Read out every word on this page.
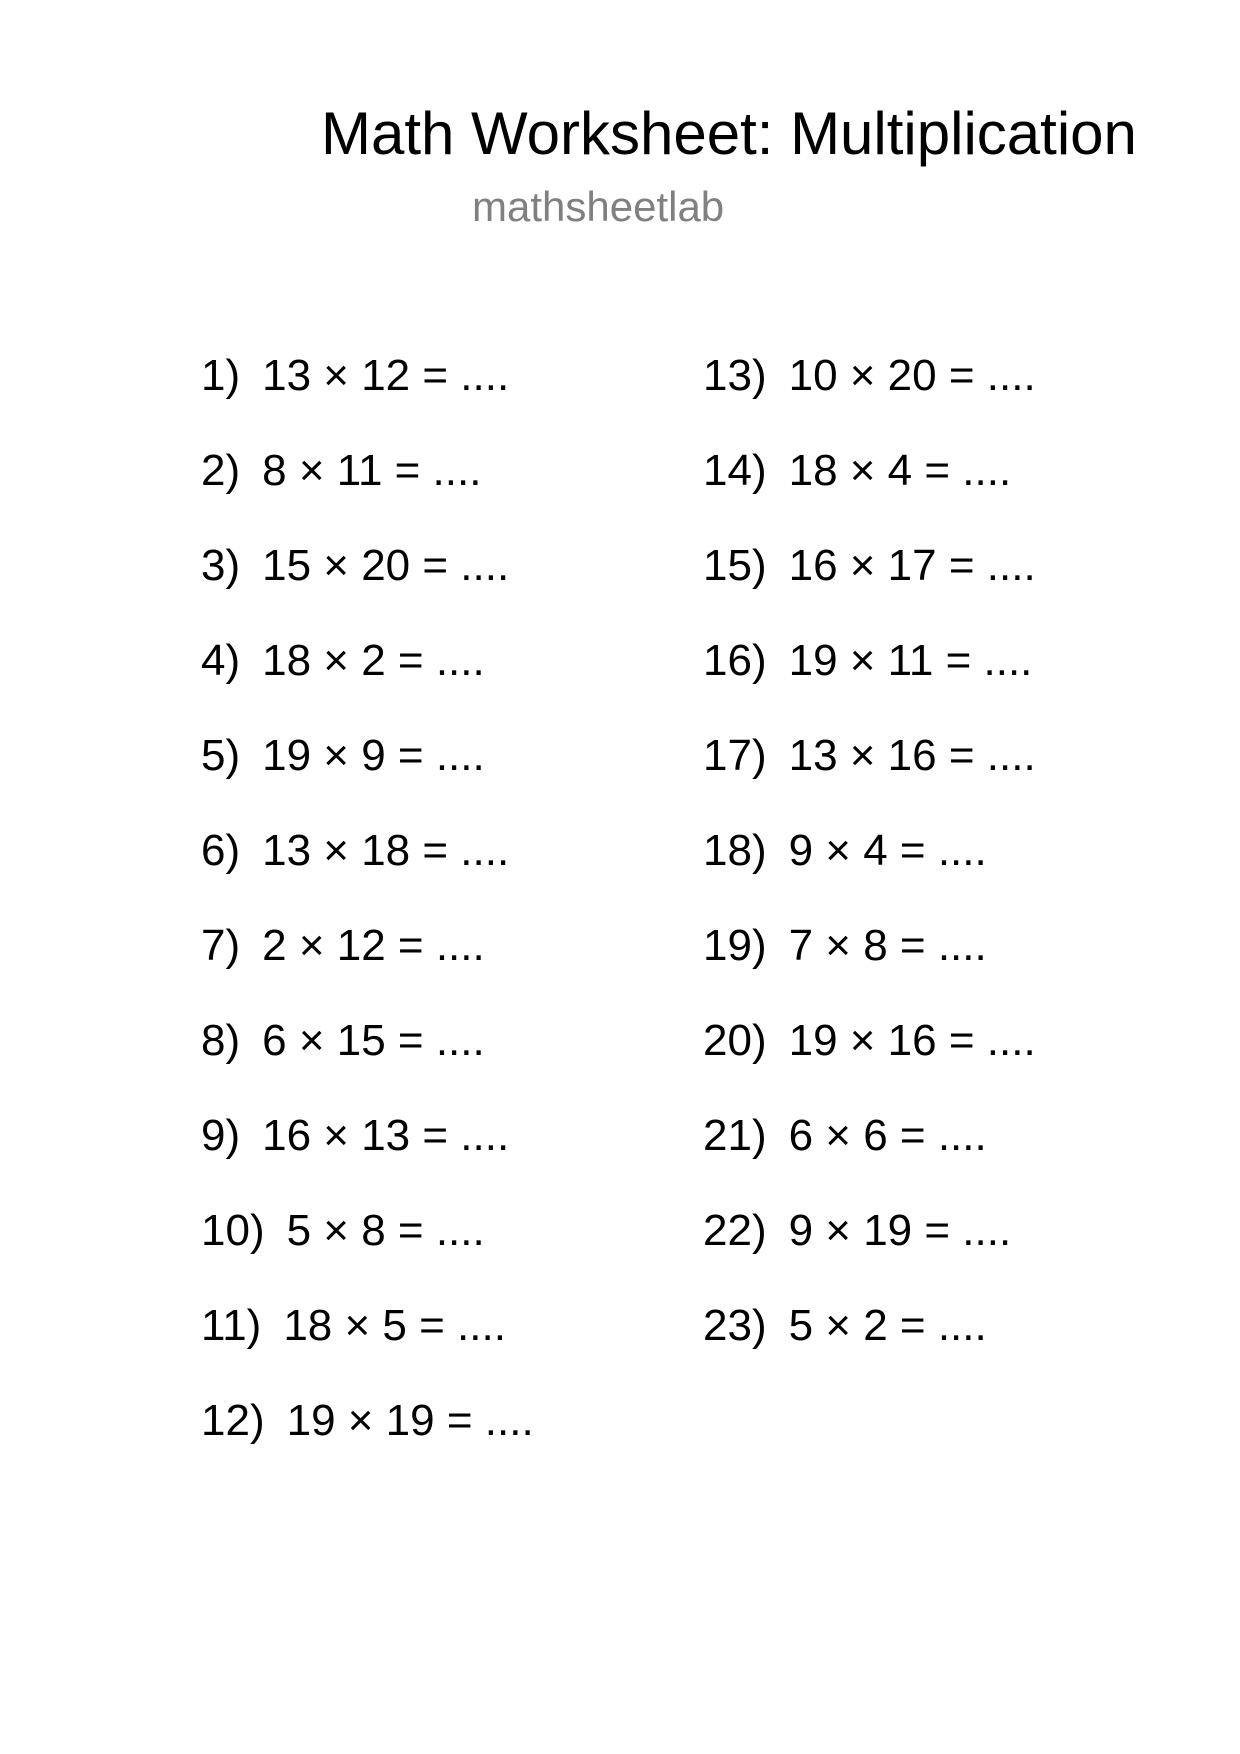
Math Worksheet: Multiplication
mathsheetlab
1) 13 × 12 = ....
2) 8 × 11 = ....
3) 15 × 20 = ....
4) 18 × 2 = ....
5) 19 × 9 = ....
6) 13 × 18 = ....
7) 2 × 12 = ....
8) 6 × 15 = ....
9) 16 × 13 = ....
10) 5 × 8 = ....
11) 18 × 5 = ....
12) 19 × 19 = ....
13) 10 × 20 = ....
14) 18 × 4 = ....
15) 16 × 17 = ....
16) 19 × 11 = ....
17) 13 × 16 = ....
18) 9 × 4 = ....
19) 7 × 8 = ....
20) 19 × 16 = ....
21) 6 × 6 = ....
22) 9 × 19 = ....
23) 5 × 2 = ....
